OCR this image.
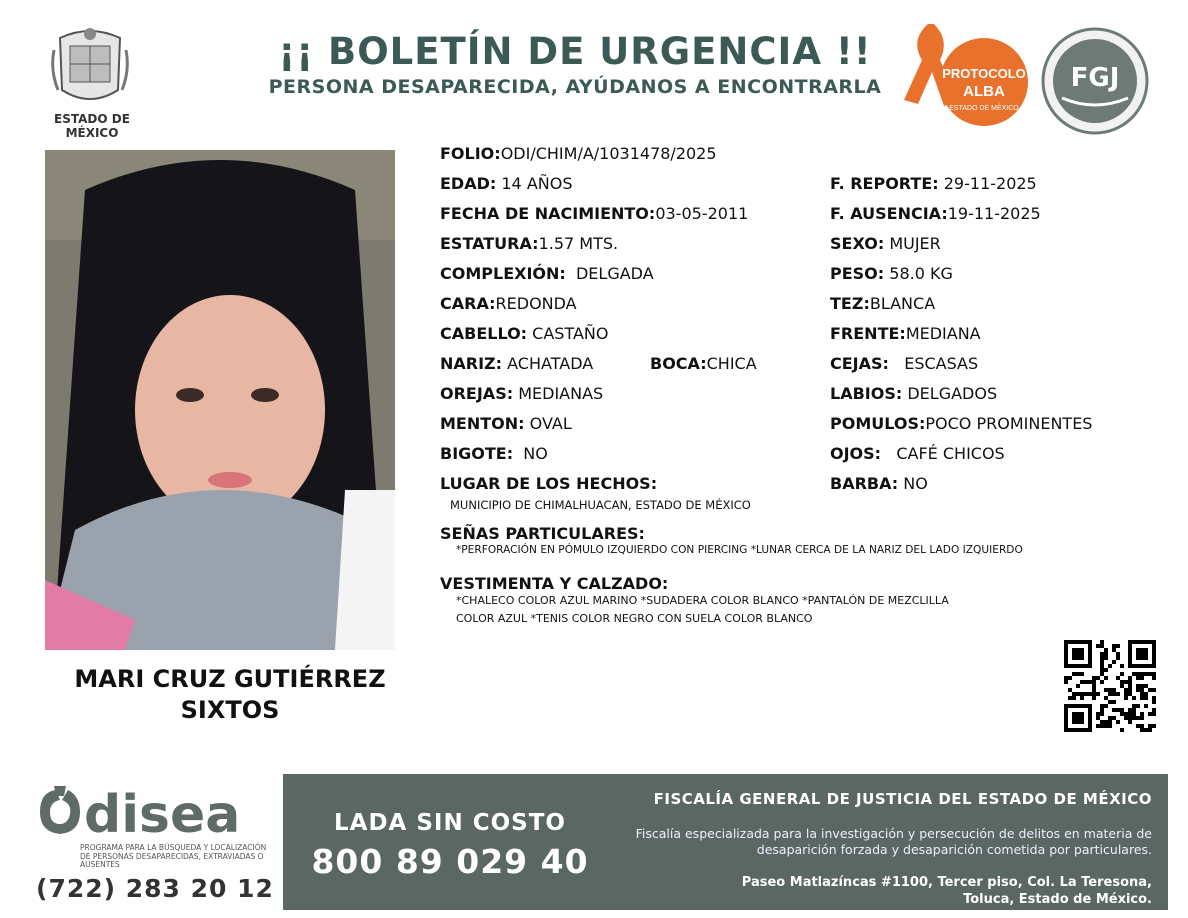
ESTADO DE MÉXICO
¡¡ BOLETÍN DE URGENCIA !!
PERSONA DESAPARECIDA, AYÚDANOS A ENCONTRARLA
PROTOCOLO
ALBA
ESTADO DE MÉXICO
FGJ
MARI CRUZ GUTIÉRREZ
SIXTOS
FOLIO:ODI/CHIM/A/1031478/2025
EDAD: 14 AÑOS
FECHA DE NACIMIENTO:03-05-2011
ESTATURA:1.57 MTS.
COMPLEXIÓN: DELGADA
CARA:REDONDA
CABELLO: CASTAÑO
NARIZ: ACHATADA	BOCA:CHICA
OREJAS: MEDIANAS
MENTON: OVAL
BIGOTE: NO
LUGAR DE LOS HECHOS:
MUNICIPIO DE CHIMALHUACAN, ESTADO DE MÉXICO
F. REPORTE: 29-11-2025
F. AUSENCIA:19-11-2025
SEXO: MUJER
PESO: 58.0 KG
TEZ:BLANCA
FRENTE:MEDIANA
CEJAS: ESCASAS
LABIOS: DELGADOS
POMULOS:POCO PROMINENTES
OJOS: CAFÉ CHICOS
BARBA: NO
SEÑAS PARTICULARES:
*PERFORACIÓN EN PÓMULO IZQUIERDO CON PIERCING *LUNAR CERCA DE LA NARIZ DEL LADO IZQUIERDO
VESTIMENTA Y CALZADO:
*CHALECO COLOR AZUL MARINO *SUDADERA COLOR BLANCO *PANTALÓN DE MEZCLILLA
COLOR AZUL *TENIS COLOR NEGRO CON SUELA COLOR BLANCO
disea
PROGRAMA PARA LA BÚSQUEDA Y LOCALIZACIÓN DE PERSONAS DESAPARECIDAS, EXTRAVIADAS O AUSENTES
(722) 283 20 12
LADA SIN COSTO
800 89 029 40
FISCALÍA GENERAL DE JUSTICIA DEL ESTADO DE MÉXICO
Fiscalía especializada para la investigación y persecución de delitos en materia de desaparición forzada y desaparición cometida por particulares.
Paseo Matlazíncas #1100, Tercer piso, Col. La Teresona,
Toluca, Estado de México.
